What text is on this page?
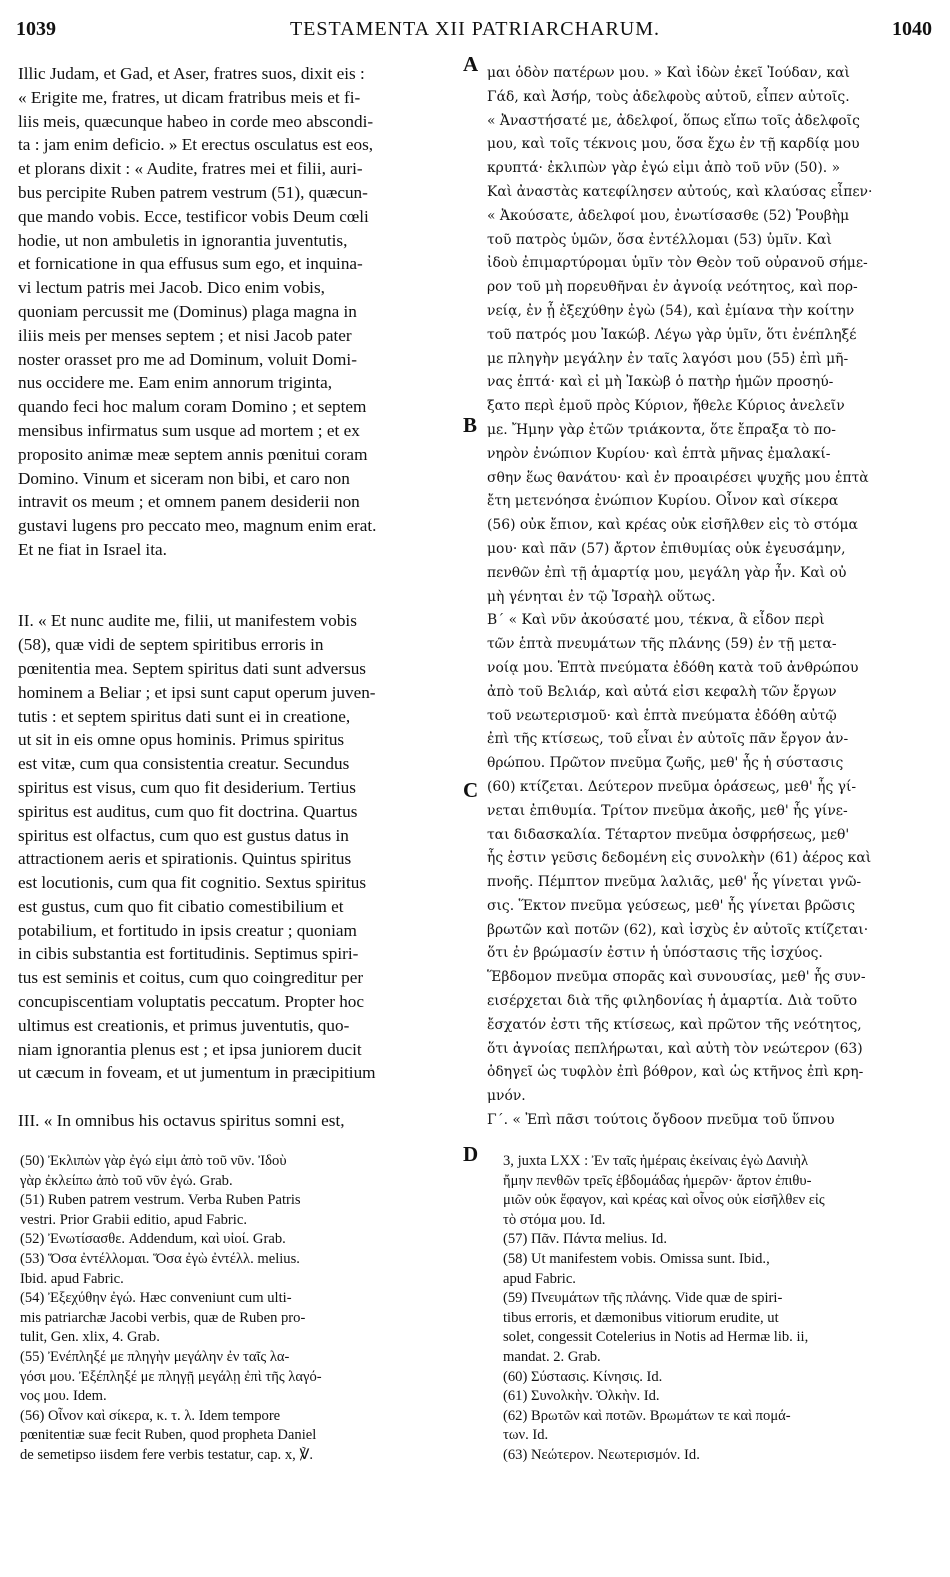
1039	TESTAMENTA XII PATRIARCHARUM.	1040
Illic Judam, et Gad, et Aser, fratres suos, dixit eis :
« Erigite me, fratres, ut dicam fratribus meis et fi-
liis meis, quæcunque habeo in corde meo abscondi-
ta : jam enim deficio. » Et erectus osculatus est eos,
et plorans dixit : « Audite, fratres mei et filii, auri-
bus percipite Ruben patrem vestrum (51), quæcun-
que mando vobis. Ecce, testificor vobis Deum cœli
hodie, ut non ambuletis in ignorantia juventutis,
et fornicatione in qua effusus sum ego, et inquina-
vi lectum patris mei Jacob. Dico enim vobis,
quoniam percussit me (Dominus) plaga magna in
iliis meis per menses septem ; et nisi Jacob pater
noster orasset pro me ad Dominum, voluit Domi-
nus occidere me. Eam enim annorum triginta,
quando feci hoc malum coram Domino ; et septem
mensibus infirmatus sum usque ad mortem ; et ex
proposito animæ meæ septem annis pœnitui coram
Domino. Vinum et siceram non bibi, et caro non
intravit os meum ; et omnem panem desiderii non
gustavi lugens pro peccato meo, magnum enim erat.
Et ne fiat in Israel ita.

II. « Et nunc audite me, filii, ut manifestem vobis
(58), quæ vidi de septem spiritibus erroris in
pœnitentia mea. Septem spiritus dati sunt adversus
hominem a Beliar ; et ipsi sunt caput operum juven-
tutis : et septem spiritus dati sunt ei in creatione,
ut sit in eis omne opus hominis. Primus spiritus
est vitæ, cum qua consistentia creatur. Secundus
spiritus est visus, cum quo fit desiderium. Tertius
spiritus est auditus, cum quo fit doctrina. Quartus
spiritus est olfactus, cum quo est gustus datus in
attractionem aeris et spirationis. Quintus spiritus
est locutionis, cum qua fit cognitio. Sextus spiritus
est gustus, cum quo fit cibatio comestibilium et
potabilium, et fortitudo in ipsis creatur ; quoniam
in cibis substantia est fortitudinis. Septimus spiri-
tus est seminis et coitus, cum quo coingreditur per
concupiscentiam voluptatis peccatum. Propter hoc
ultimus est creationis, et primus juventutis, quo-
niam ignorantia plenus est ; et ipsa juniorem ducit
ut cæcum in foveam, et ut jumentum in præcipitium

III. « In omnibus his octavus spiritus somni est,
μαι ὁδὸν πατέρων μου. » Καὶ ἰδὼν ἐκεῖ Ἰούδαν, καὶ
Γάδ, καὶ Ἀσήρ, τοὺς ἀδελφοὺς αὐτοῦ, εἶπεν αὐτοῖς.
« Ἀναστήσατέ με, ἀδελφοί, ὅπως εἴπω τοῖς ἀδελφοῖς
μου, καὶ τοῖς τέκνοις μου, ὅσα ἔχω ἐν τῇ καρδίᾳ μου
κρυπτά· ἐκλιπὼν γὰρ ἐγώ εἰμι ἀπὸ τοῦ νῦν (50). »
Καὶ ἀναστὰς κατεφίλησεν αὐτούς, καὶ κλαύσας εἶπεν·
« Ἀκούσατε, ἀδελφοί μου, ἐνωτίσασθε (52) Ῥουβὴμ
τοῦ πατρὸς ὑμῶν, ὅσα ἐντέλλομαι (53) ὑμῖν. Καὶ
ἰδοὺ ἐπιμαρτύρομαι ὑμῖν τὸν Θεὸν τοῦ οὐρανοῦ σήμε-
ρον τοῦ μὴ πορευθῆναι ἐν ἀγνοίᾳ νεότητος, καὶ πορ-
νείᾳ, ἐν ᾗ ἐξεχύθην ἐγὼ (54), καὶ ἐμίανα τὴν κοίτην
τοῦ πατρός μου Ἰακώβ. Λέγω γὰρ ὑμῖν, ὅτι ἐνέπληξέ
με πληγὴν μεγάλην ἐν ταῖς λαγόσι μου (55) ἐπὶ μῆ-
νας ἑπτά· καὶ εἰ μὴ Ἰακὼβ ὁ πατὴρ ἡμῶν προσηύ-
ξατο περὶ ἐμοῦ πρὸς Κύριον, ἤθελε Κύριος ἀνελεῖν
με. Ἤμην γὰρ ἐτῶν τριάκοντα, ὅτε ἔπραξα τὸ πο-
νηρὸν ἐνώπιον Κυρίου· καὶ ἑπτὰ μῆνας ἐμαλακί-
σθην ἕως θανάτου· καὶ ἐν προαιρέσει ψυχῆς μου ἑπτὰ
ἔτη μετενόησα ἐνώπιον Κυρίου. Οἶνον καὶ σίκερα
(56) οὐκ ἔπιον, καὶ κρέας οὐκ εἰσῆλθεν εἰς τὸ στόμα
μου· καὶ πᾶν (57) ἄρτον ἐπιθυμίας οὐκ ἐγευσάμην,
πενθῶν ἐπὶ τῇ ἁμαρτίᾳ μου, μεγάλη γὰρ ἦν. Καὶ οὐ
μὴ γένηται ἐν τῷ Ἰσραὴλ οὕτως.
Β´ « Καὶ νῦν ἀκούσατέ μου, τέκνα, ἃ εἶδον περὶ
τῶν ἑπτὰ πνευμάτων τῆς πλάνης (59) ἐν τῇ μετα-
νοίᾳ μου. Ἑπτὰ πνεύματα ἐδόθη κατὰ τοῦ ἀνθρώπου
ἀπὸ τοῦ Βελιάρ, καὶ αὐτά εἰσι κεφαλὴ τῶν ἔργων
τοῦ νεωτερισμοῦ· καὶ ἑπτὰ πνεύματα ἐδόθη αὐτῷ
ἐπὶ τῆς κτίσεως, τοῦ εἶναι ἐν αὐτοῖς πᾶν ἔργον ἀν-
θρώπου. Πρῶτον πνεῦμα ζωῆς, μεθ' ἧς ἡ σύστασις
(60) κτίζεται. Δεύτερον πνεῦμα ὁράσεως, μεθ' ἧς γί-
νεται ἐπιθυμία. Τρίτον πνεῦμα ἀκοῆς, μεθ' ἧς γίνε-
ται διδασκαλία. Τέταρτον πνεῦμα ὀσφρήσεως, μεθ'
ἧς ἐστιν γεῦσις δεδομένη εἰς συνολκὴν (61) ἀέρος καὶ
πνοῆς. Πέμπτον πνεῦμα λαλιᾶς, μεθ' ἧς γίνεται γνῶ-
σις. Ἕκτον πνεῦμα γεύσεως, μεθ' ἧς γίνεται βρῶσις
βρωτῶν καὶ ποτῶν (62), καὶ ἰσχὺς ἐν αὐτοῖς κτίζεται·
ὅτι ἐν βρώμασίν ἐστιν ἡ ὑπόστασις τῆς ἰσχύος.
Ἕβδομον πνεῦμα σπορᾶς καὶ συνουσίας, μεθ' ἧς συν-
εισέρχεται διὰ τῆς φιληδονίας ἡ ἁμαρτία. Διὰ τοῦτο
ἔσχατόν ἐστι τῆς κτίσεως, καὶ πρῶτον τῆς νεότητος,
ὅτι ἀγνοίας πεπλήρωται, καὶ αὐτὴ τὸν νεώτερον (63)
ὁδηγεῖ ὡς τυφλὸν ἐπὶ βόθρον, καὶ ὡς κτῆνος ἐπὶ κρη-
μνόν.
Γ´. « Ἐπὶ πᾶσι τούτοις ὄγδοον πνεῦμα τοῦ ὕπνου
A
B
C
D
(50) Ἐκλιπὼν γὰρ ἐγώ εἰμι ἀπὸ τοῦ νῦν. Ἰδοὺ
γὰρ ἐκλείπω ἀπὸ τοῦ νῦν ἐγώ. Grab.
(51) Ruben patrem vestrum. Verba Ruben Patris
vestri. Prior Grabii editio, apud Fabric.
(52) Ἐνωτίσασθε. Addendum, καὶ υἱοί. Grab.
(53) Ὅσα ἐντέλλομαι. Ὅσα ἐγὼ ἐντέλλ. melius.
Ibid. apud Fabric.
(54) Ἐξεχύθην ἐγώ. Hæc conveniunt cum ulti-
mis patriarchæ Jacobi verbis, quæ de Ruben pro-
tulit, Gen. xlix, 4. Grab.
(55) Ἐνέπληξέ με πληγὴν μεγάλην ἐν ταῖς λα-
γόσι μου. Ἐξέπληξέ με πληγῇ μεγάλῃ ἐπὶ τῆς λαγό-
νος μου. Idem.
(56) Οἶνον καὶ σίκερα, κ. τ. λ. Idem tempore
pœnitentiæ suæ fecit Ruben, quod propheta Daniel
de semetipso iisdem fere verbis testatur, cap. x, ℣.
3, juxta LXX : Ἐν ταῖς ἡμέραις ἐκείναις ἐγὼ Δανιὴλ
ἤμην πενθῶν τρεῖς ἑβδομάδας ἡμερῶν· ἄρτον ἐπιθυ-
μιῶν οὐκ ἔφαγον, καὶ κρέας καὶ οἶνος οὐκ εἰσῆλθεν εἰς
τὸ στόμα μου. Id.
(57) Πᾶν. Πάντα melius. Id.
(58) Ut manifestem vobis. Omissa sunt. Ibid.,
apud Fabric.
(59) Πνευμάτων τῆς πλάνης. Vide quæ de spiri-
tibus erroris, et dæmonibus vitiorum erudite, ut
solet, congessit Cotelerius in Notis ad Hermæ lib. ii,
mandat. 2. Grab.
(60) Σύστασις. Κίνησις. Id.
(61) Συνολκὴν. Ὁλκὴν. Id.
(62) Βρωτῶν καὶ ποτῶν. Βρωμάτων τε καὶ πομά-
των. Id.
(63) Νεώτερον. Νεωτερισμόν. Id.
